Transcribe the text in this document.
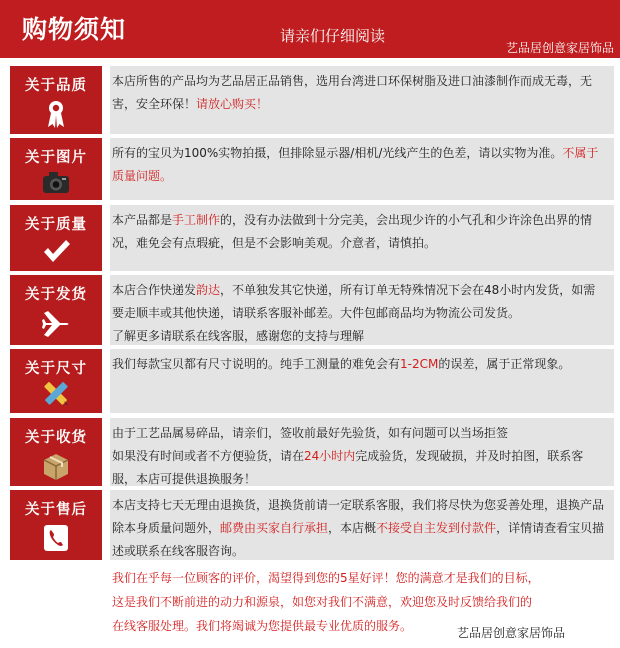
购物须知	请亲们仔细阅读
艺品居创意家居饰品
关于品质	本店所售的产品均为艺品居正品销售，选用台湾进口环保树脂及进口油漆制作而成无毒，无害，安全环保！请放心购买！

关于图片	所有的宝贝为100%实物拍摄，但排除显示器/相机/光线产生的色差，请以实物为准。不属于质量问题。

关于质量	本产品都是手工制作的，没有办法做到十分完美，会出现少许的小气孔和少许涂色出界的情况，难免会有点瑕疵，但是不会影响美观。介意者，请慎拍。

关于发货	本店合作快递发韵达，不单独发其它快递，所有订单无特殊情况下会在48小时内发货，如需要走顺丰或其他快递，请联系客服补邮差。大件包邮商品均为物流公司发货。
了解更多请联系在线客服，感谢您的支持与理解

关于尺寸	我们每款宝贝都有尺寸说明的。纯手工测量的难免会有1-2CM的误差，属于正常现象。

关于收货	由于工艺品属易碎品，请亲们，签收前最好先验货，如有问题可以当场拒签
如果没有时间或者不方便验货，请在24小时内完成验货，发现破损，并及时拍图，联系客服，本店可提供退换服务！

关于售后	本店支持七天无理由退换货，退换货前请一定联系客服，我们将尽快为您妥善处理，退换产品除本身质量问题外，邮费由买家自行承担，本店概不接受自主发到付款件，详情请查看宝贝描述或联系在线客服咨询。

我们在乎每一位顾客的评价，渴望得到您的5星好评！您的满意才是我们的目标，
这是我们不断前进的动力和源泉，如您对我们不满意，欢迎您及时反馈给我们的
在线客服处理。我们将竭诚为您提供最专业优质的服务。	艺品居创意家居饰品
